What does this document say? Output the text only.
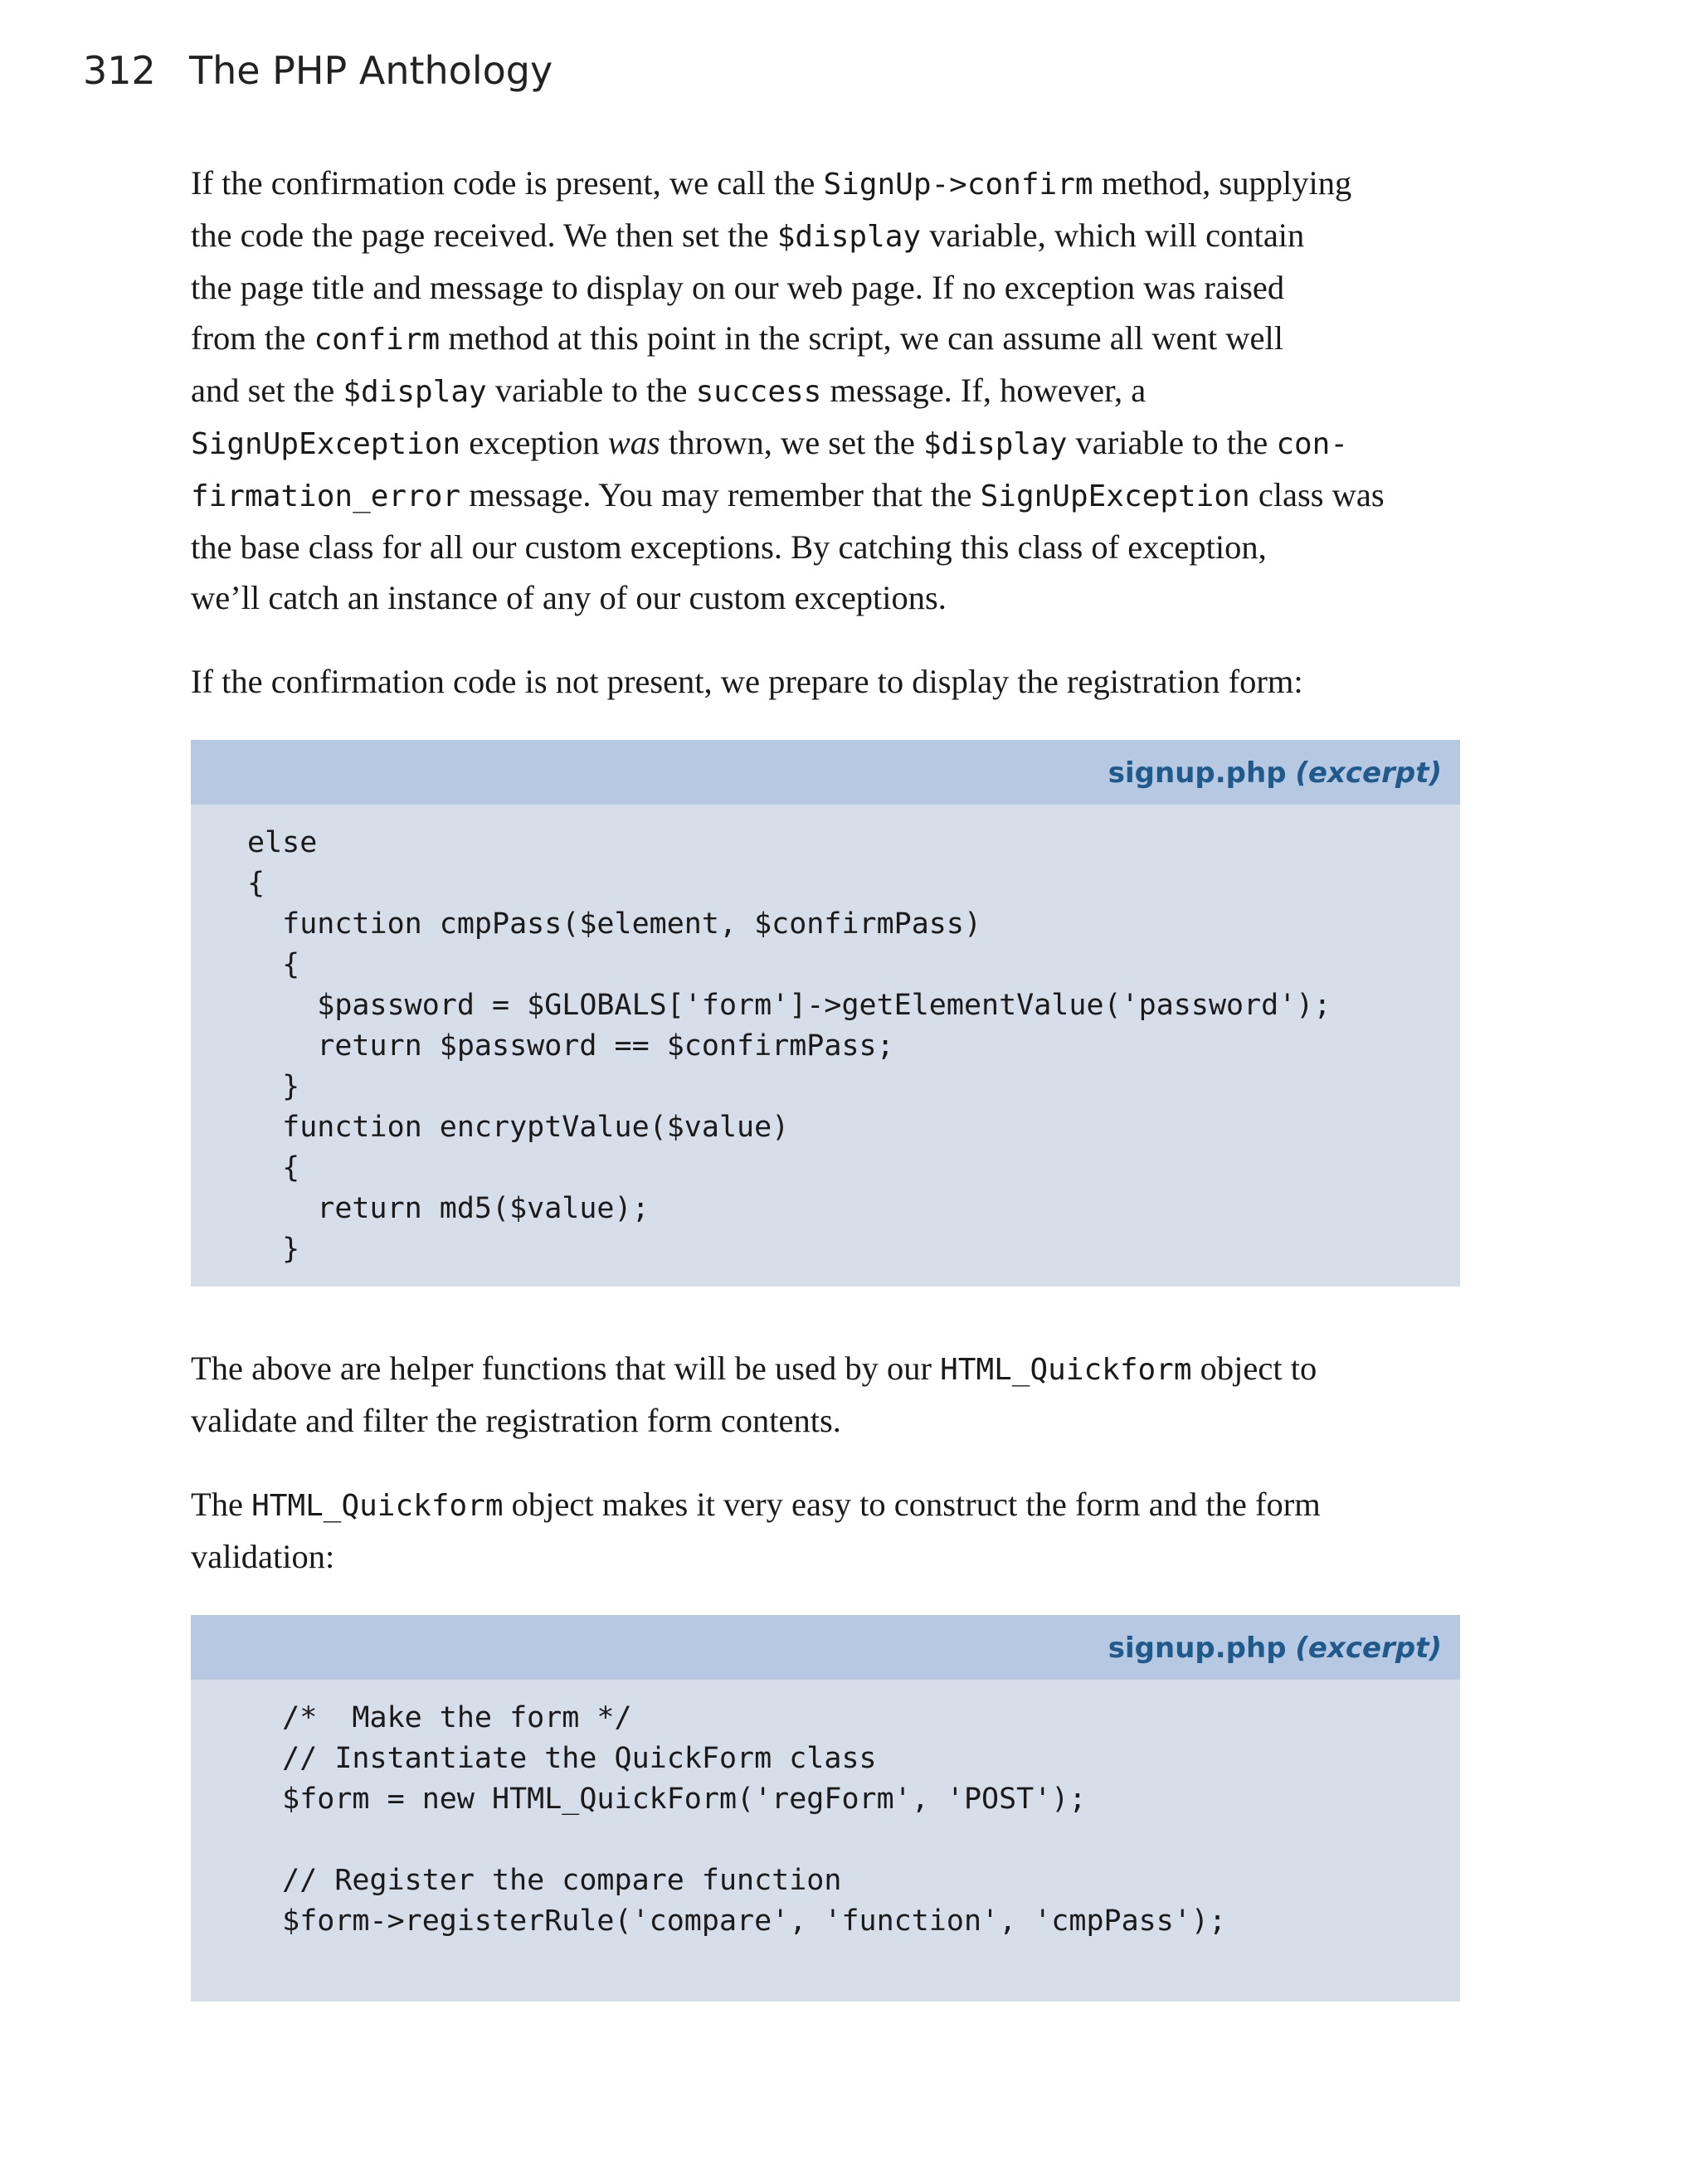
312 The PHP Anthology
If the confirmation code is present, we call the SignUp->confirm method, supplying
the code the page received. We then set the $display variable, which will contain
the page title and message to display on our web page. If no exception was raised
from the confirm method at this point in the script, we can assume all went well
and set the $display variable to the success message. If, however, a
SignUpException exception was thrown, we set the $display variable to the con-
firmation_error message. You may remember that the SignUpException class was
the base class for all our custom exceptions. By catching this class of exception,
we’ll catch an instance of any of our custom exceptions.
If the confirmation code is not present, we prepare to display the registration form:
signup.php (excerpt)
else
{
function cmpPass($element, $confirmPass)
{
$password = $GLOBALS['form']->getElementValue('password');
return $password == $confirmPass;
}
function encryptValue($value)
{
return md5($value);
}
The above are helper functions that will be used by our HTML_Quickform object to
validate and filter the registration form contents.
The HTML_Quickform object makes it very easy to construct the form and the form
validation:
signup.php (excerpt)
/*  Make the form */
// Instantiate the QuickForm class
$form = new HTML_QuickForm('regForm', 'POST');
// Register the compare function
$form->registerRule('compare', 'function', 'cmpPass');
